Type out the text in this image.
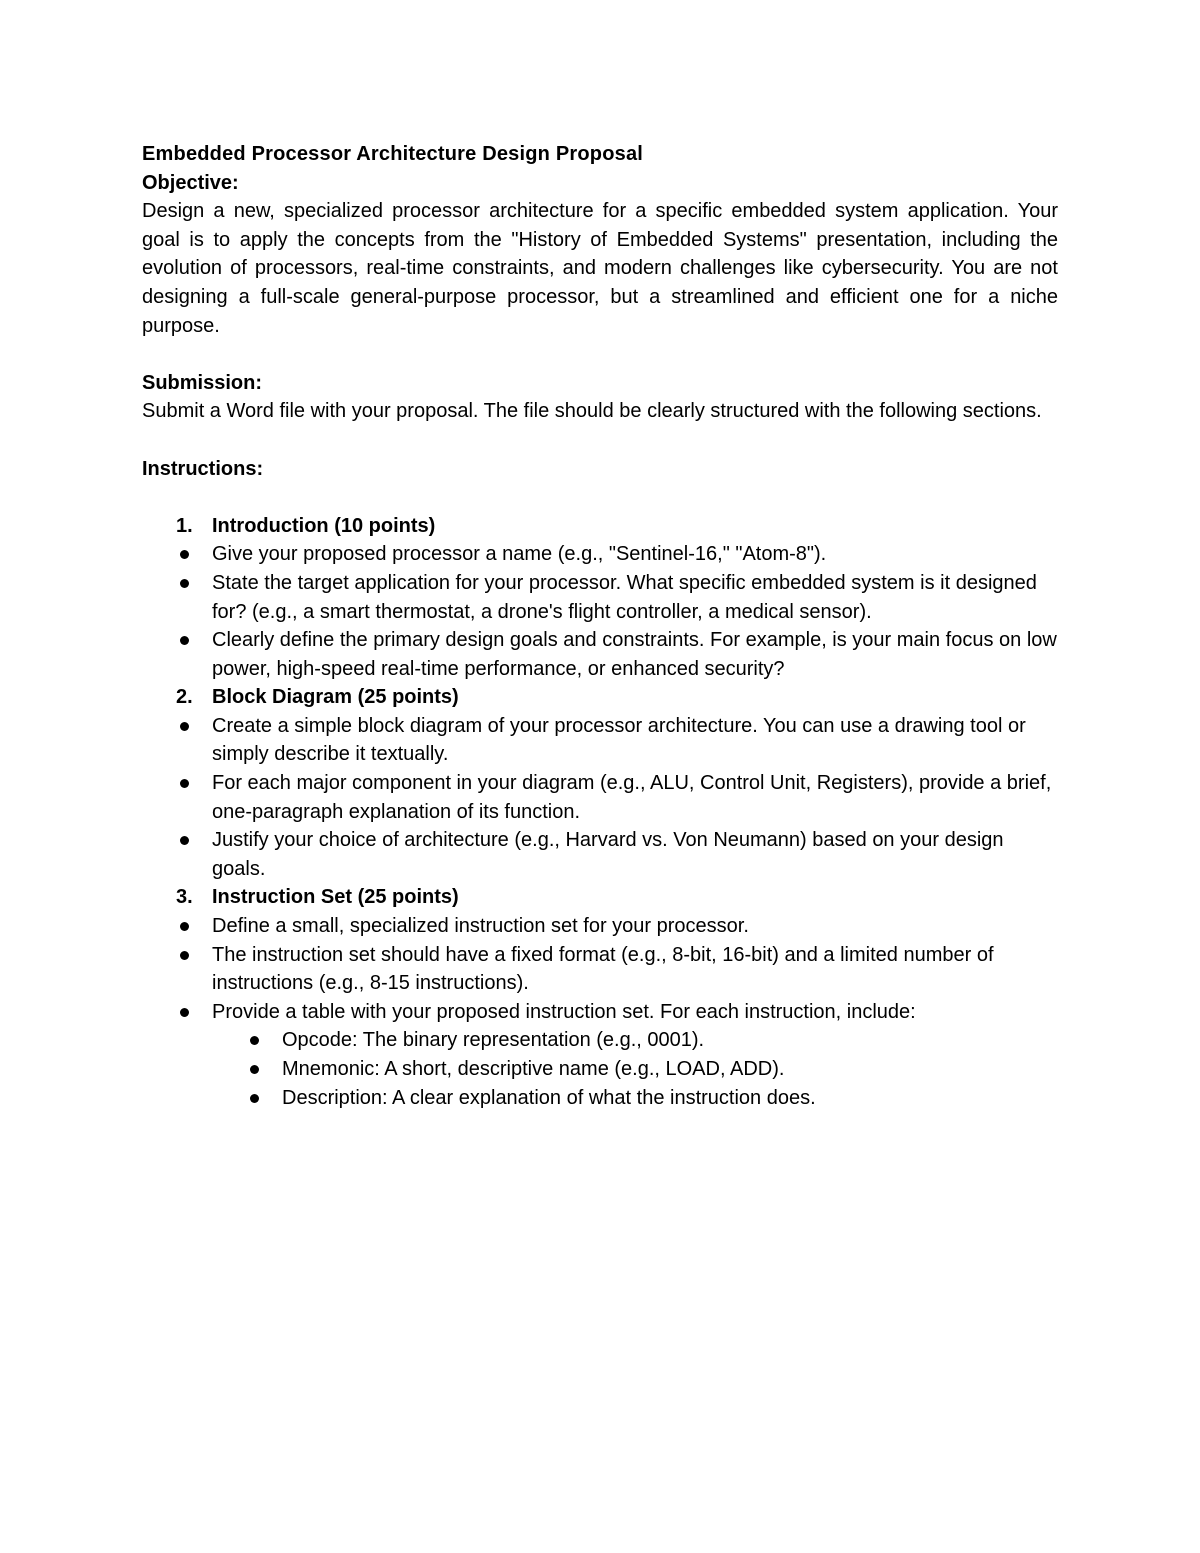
Embedded Processor Architecture Design Proposal

Objective:

Design a new, specialized processor architecture for a specific embedded system application. Your goal is to apply the concepts from the "History of Embedded Systems" presentation, including the evolution of processors, real-time constraints, and modern challenges like cybersecurity. You are not designing a full-scale general-purpose processor, but a streamlined and efficient one for a niche purpose.

Submission:

Submit a Word file with your proposal. The file should be clearly structured with the following sections.

Instructions:

1. Introduction (10 points)
Give your proposed processor a name (e.g., "Sentinel-16," "Atom-8").
State the target application for your processor. What specific embedded system is it designed for? (e.g., a smart thermostat, a drone's flight controller, a medical sensor).
Clearly define the primary design goals and constraints. For example, is your main focus on low power, high-speed real-time performance, or enhanced security?
2. Block Diagram (25 points)
Create a simple block diagram of your processor architecture. You can use a drawing tool or simply describe it textually.
For each major component in your diagram (e.g., ALU, Control Unit, Registers), provide a brief, one-paragraph explanation of its function.
Justify your choice of architecture (e.g., Harvard vs. Von Neumann) based on your design goals.
3. Instruction Set (25 points)
Define a small, specialized instruction set for your processor.
The instruction set should have a fixed format (e.g., 8-bit, 16-bit) and a limited number of instructions (e.g., 8-15 instructions).
Provide a table with your proposed instruction set. For each instruction, include:
Opcode: The binary representation (e.g., 0001).
Mnemonic: A short, descriptive name (e.g., LOAD, ADD).
Description: A clear explanation of what the instruction does.
